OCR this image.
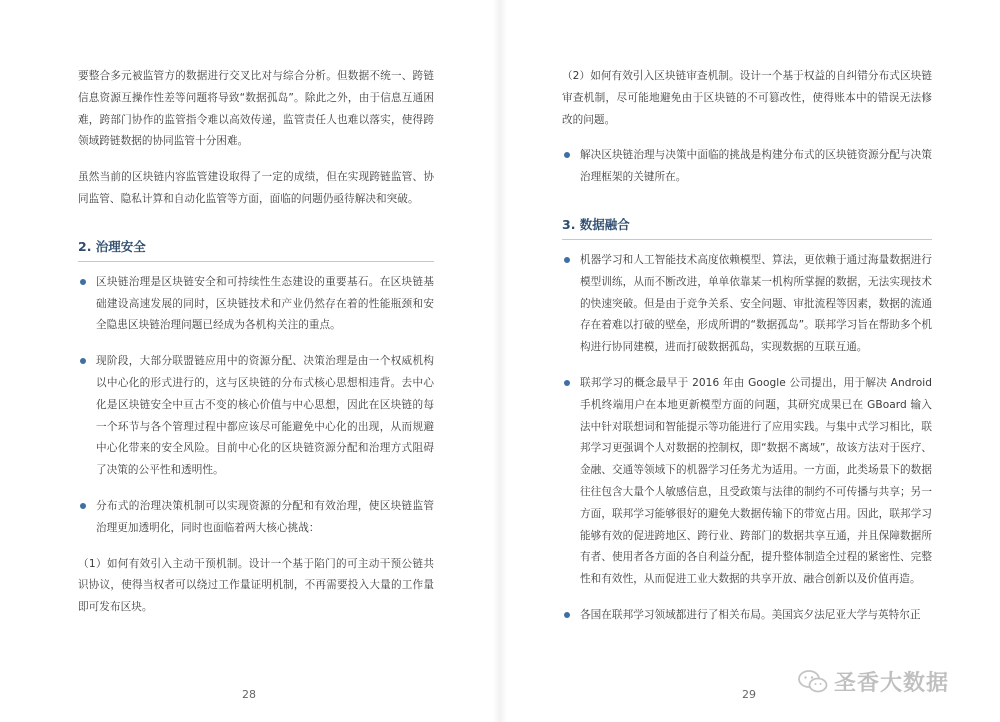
要整合多元被监管方的数据进行交叉比对与综合分析。但数据不统一、跨链信息资源互操作性差等问题将导致“数据孤岛”。除此之外，由于信息互通困难，跨部门协作的监管指令难以高效传递，监管责任人也难以落实，使得跨领域跨链数据的协同监管十分困难。

虽然当前的区块链内容监管建设取得了一定的成绩，但在实现跨链监管、协同监管、隐私计算和自动化监管等方面，面临的问题仍亟待解决和突破。

2. 治理安全

区块链治理是区块链安全和可持续性生态建设的重要基石。在区块链基础建设高速发展的同时，区块链技术和产业仍然存在着的性能瓶颈和安全隐患区块链治理问题已经成为各机构关注的重点。

现阶段，大部分联盟链应用中的资源分配、决策治理是由一个权威机构以中心化的形式进行的，这与区块链的分布式核心思想相违背。去中心化是区块链安全中亘古不变的核心价值与中心思想，因此在区块链的每一个环节与各个管理过程中都应该尽可能避免中心化的出现，从而规避中心化带来的安全风险。目前中心化的区块链资源分配和治理方式阻碍了决策的公平性和透明性。

分布式的治理决策机制可以实现资源的分配和有效治理，使区块链监管治理更加透明化，同时也面临着两大核心挑战：

（1）如何有效引入主动干预机制。设计一个基于陷门的可主动干预公链共识协议，使得当权者可以绕过工作量证明机制，不再需要投入大量的工作量即可发布区块。

28

（2）如何有效引入区块链审查机制。设计一个基于权益的自纠错分布式区块链审查机制，尽可能地避免由于区块链的不可篡改性，使得账本中的错误无法修改的问题。

解决区块链治理与决策中面临的挑战是构建分布式的区块链资源分配与决策治理框架的关键所在。

3. 数据融合

机器学习和人工智能技术高度依赖模型、算法，更依赖于通过海量数据进行模型训练，从而不断改进，单单依靠某一机构所掌握的数据，无法实现技术的快速突破。但是由于竞争关系、安全问题、审批流程等因素，数据的流通存在着难以打破的壁垒，形成所谓的“数据孤岛”。联邦学习旨在帮助多个机构进行协同建模，进而打破数据孤岛，实现数据的互联互通。

联邦学习的概念最早于 2016 年由 Google 公司提出，用于解决 Android 手机终端用户在本地更新模型方面的问题，其研究成果已在 GBoard 输入法中针对联想词和智能提示等功能进行了应用实践。与集中式学习相比，联邦学习更强调个人对数据的控制权，即“数据不离域”，故该方法对于医疗、金融、交通等领域下的机器学习任务尤为适用。一方面，此类场景下的数据往往包含大量个人敏感信息，且受政策与法律的制约不可传播与共享；另一方面，联邦学习能够很好的避免大数据传输下的带宽占用。因此，联邦学习能够有效的促进跨地区、跨行业、跨部门的数据共享互通，并且保障数据所有者、使用者各方面的各自利益分配，提升整体制造全过程的紧密性、完整性和有效性，从而促进工业大数据的共享开放、融合创新以及价值再造。

各国在联邦学习领域都进行了相关布局。美国宾夕法尼亚大学与英特尔正

29	圣香大数据
